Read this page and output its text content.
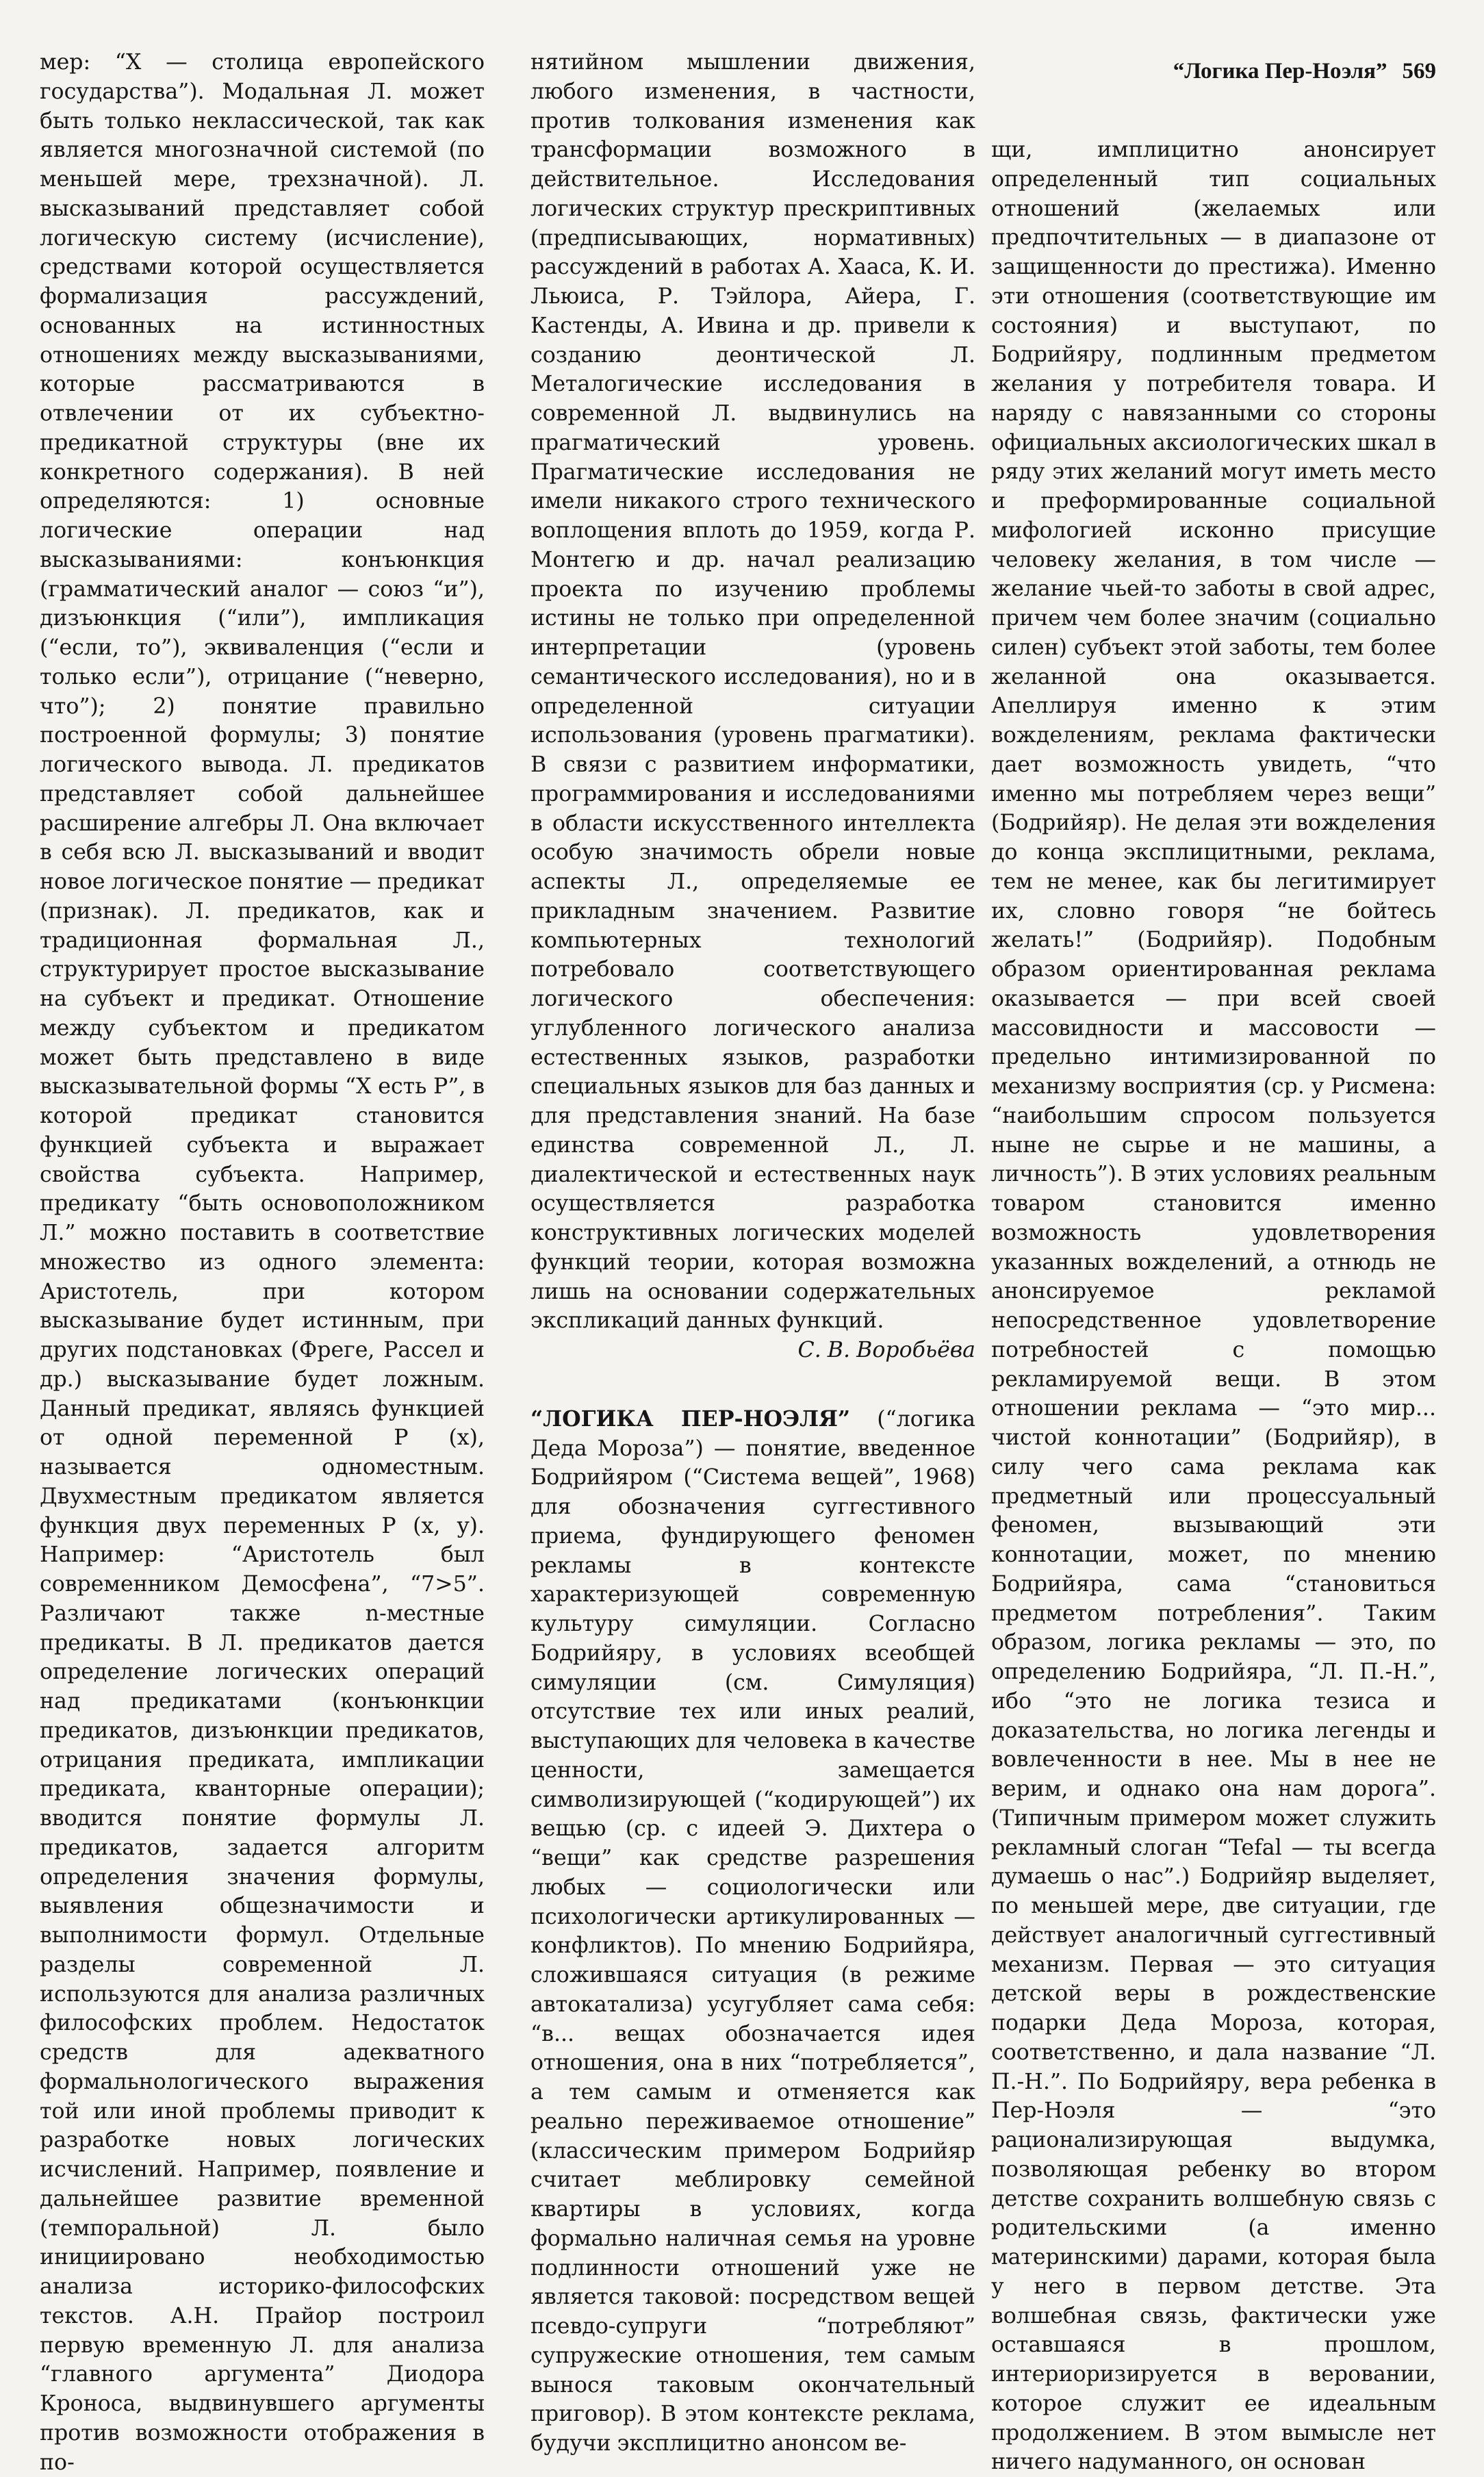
“Логика Пер-Ноэля” 569

мер: “X — столица европейского государства”). Модальная Л. может быть только неклассической, так как является многозначной системой (по меньшей мере, трехзначной). Л. высказываний представляет собой логическую систему (исчисление), средствами которой осуществляется формализация рассуждений, основанных на истинностных отношениях между высказываниями, которые рассматриваются в отвлечении от их субъектно-предикатной структуры (вне их конкретного содержания). В ней определяются: 1) основные логические операции над высказываниями: конъюнкция (грамматический аналог — союз “и”), дизъюнкция (“или”), импликация (“если, то”), эквиваленция (“если и только если”), отрицание (“неверно, что”); 2) понятие правильно построенной формулы; 3) понятие логического вывода. Л. предикатов представляет собой дальнейшее расширение алгебры Л. Она включает в себя всю Л. высказываний и вводит новое логическое понятие — предикат (признак). Л. предикатов, как и традиционная формальная Л., структурирует простое высказывание на субъект и предикат. Отношение между субъектом и предикатом может быть представлено в виде высказывательной формы “X есть P”, в которой предикат становится функцией субъекта и выражает свойства субъекта. Например, предикату “быть основоположником Л.” можно поставить в соответствие множество из одного элемента: Аристотель, при котором высказывание будет истинным, при других подстановках (Фреге, Рассел и др.) высказывание будет ложным. Данный предикат, являясь функцией от одной переменной P (x), называется одноместным. Двухместным предикатом является функция двух переменных P (x, y). Например: “Аристотель был современником Демосфена”, “7>5”. Различают также n-местные предикаты. В Л. предикатов дается определение логических операций над предикатами (конъюнкции предикатов, дизъюнкции предикатов, отрицания предиката, импликации предиката, кванторные операции); вводится понятие формулы Л. предикатов, задается алгоритм определения значения формулы, выявления общезначимости и выполнимости формул. Отдельные разделы современной Л. используются для анализа различных философских проблем. Недостаток средств для адекватного формальнологического выражения той или иной проблемы приводит к разработке новых логических исчислений. Например, появление и дальнейшее развитие временной (темпоральной) Л. было инициировано необходимостью анализа историко-философских текстов. А.Н. Прайор построил первую временную Л. для анализа “главного аргумента” Диодора Кроноса, выдвинувшего аргументы против возможности отображения в по-

нятийном мышлении движения, любого изменения, в частности, против толкования изменения как трансформации возможного в действительное. Исследования логических структур прескриптивных (предписывающих, нормативных) рассуждений в работах А. Хааса, К. И. Льюиса, Р. Тэйлора, Айера, Г. Кастенды, А. Ивина и др. привели к созданию деонтической Л. Металогические исследования в современной Л. выдвинулись на прагматический уровень. Прагматические исследования не имели никакого строго технического воплощения вплоть до 1959, когда Р. Монтегю и др. начал реализацию проекта по изучению проблемы истины не только при определенной интерпретации (уровень семантического исследования), но и в определенной ситуации использования (уровень прагматики). В связи с развитием информатики, программирования и исследованиями в области искусственного интеллекта особую значимость обрели новые аспекты Л., определяемые ее прикладным значением. Развитие компьютерных технологий потребовало соответствующего логического обеспечения: углубленного логического анализа естественных языков, разработки специальных языков для баз данных и для представления знаний. На базе единства современной Л., Л. диалектической и естественных наук осуществляется разработка конструктивных логических моделей функций теории, которая возможна лишь на основании содержательных экспликаций данных функций.

С. В. Воробьёва

“ЛОГИКА ПЕР-НОЭЛЯ” (“логика Деда Мороза”) — понятие, введенное Бодрийяром (“Система вещей”, 1968) для обозначения суггестивного приема, фундирующего феномен рекламы в контексте характеризующей современную культуру симуляции. Согласно Бодрийяру, в условиях всеобщей симуляции (см. Симуляция) отсутствие тех или иных реалий, выступающих для человека в качестве ценности, замещается символизирующей (“кодирующей”) их вещью (ср. с идеей Э. Дихтера о “вещи” как средстве разрешения любых — социологически или психологически артикулированных — конфликтов). По мнению Бодрийяра, сложившаяся ситуация (в режиме автокатализа) усугубляет сама себя: “в... вещах обозначается идея отношения, она в них “потребляется”, а тем самым и отменяется как реально переживаемое отношение” (классическим примером Бодрийяр считает меблировку семейной квартиры в условиях, когда формально наличная семья на уровне подлинности отношений уже не является таковой: посредством вещей псевдо-супруги “потребляют” супружеские отношения, тем самым вынося таковым окончательный приговор). В этом контексте реклама, будучи эксплицитно анонсом ве-

щи, имплицитно анонсирует определенный тип социальных отношений (желаемых или предпочтительных — в диапазоне от защищенности до престижа). Именно эти отношения (соответствующие им состояния) и выступают, по Бодрийяру, подлинным предметом желания у потребителя товара. И наряду с навязанными со стороны официальных аксиологических шкал в ряду этих желаний могут иметь место и преформированные социальной мифологией исконно присущие человеку желания, в том числе — желание чьей-то заботы в свой адрес, причем чем более значим (социально силен) субъект этой заботы, тем более желанной она оказывается. Апеллируя именно к этим вожделениям, реклама фактически дает возможность увидеть, “что именно мы потребляем через вещи” (Бодрийяр). Не делая эти вожделения до конца эксплицитными, реклама, тем не менее, как бы легитимирует их, словно говоря “не бойтесь желать!” (Бодрийяр). Подобным образом ориентированная реклама оказывается — при всей своей массовидности и массовости — предельно интимизированной по механизму восприятия (ср. у Рисмена: “наибольшим спросом пользуется ныне не сырье и не машины, а личность”). В этих условиях реальным товаром становится именно возможность удовлетворения указанных вожделений, а отнюдь не анонсируемое рекламой непосредственное удовлетворение потребностей с помощью рекламируемой вещи. В этом отношении реклама — “это мир... чистой коннотации” (Бодрийяр), в силу чего сама реклама как предметный или процессуальный феномен, вызывающий эти коннотации, может, по мнению Бодрийяра, сама “становиться предметом потребления”. Таким образом, логика рекламы — это, по определению Бодрийяра, “Л. П.-Н.”, ибо “это не логика тезиса и доказательства, но логика легенды и вовлеченности в нее. Мы в нее не верим, и однако она нам дорога”. (Типичным примером может служить рекламный слоган “Tefal — ты всегда думаешь о нас”.) Бодрийяр выделяет, по меньшей мере, две ситуации, где действует аналогичный суггестивный механизм. Первая — это ситуация детской веры в рождественские подарки Деда Мороза, которая, соответственно, и дала название “Л. П.-Н.”. По Бодрийяру, вера ребенка в Пер-Ноэля — “это рационализирующая выдумка, позволяющая ребенку во втором детстве сохранить волшебную связь с родительскими (а именно материнскими) дарами, которая была у него в первом детстве. Эта волшебная связь, фактически уже оставшаяся в прошлом, интериоризируется в веровании, которое служит ее идеальным продолжением. В этом вымысле нет ничего надуманного, он основан
